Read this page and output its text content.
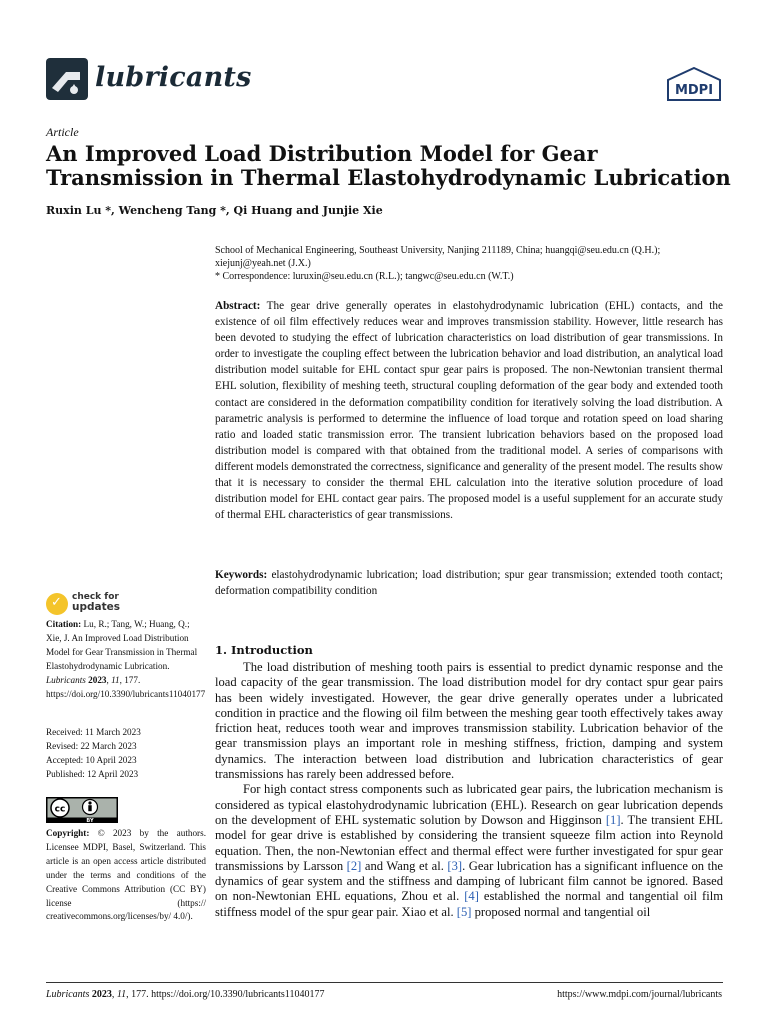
lubricants	MDPI
Article
An Improved Load Distribution Model for Gear Transmission in Thermal Elastohydrodynamic Lubrication
Ruxin Lu *, Wencheng Tang *, Qi Huang and Junjie Xie

School of Mechanical Engineering, Southeast University, Nanjing 211189, China; huangqi@seu.edu.cn (Q.H.); xiejunj@yeah.net (J.X.)

* Correspondence: luruxin@seu.edu.cn (R.L.); tangwc@seu.edu.cn (W.T.)

Abstract: The gear drive generally operates in elastohydrodynamic lubrication (EHL) contacts, and the existence of oil film effectively reduces wear and improves transmission stability. However, little research has been devoted to studying the effect of lubrication characteristics on load distribution of gear transmissions. In order to investigate the coupling effect between the lubrication behavior and load distribution, an analytical load distribution model suitable for EHL contact spur gear pairs is proposed. The non-Newtonian transient thermal EHL solution, flexibility of meshing teeth, structural coupling deformation of the gear body and extended tooth contact are considered in the deformation compatibility condition for iteratively solving the load distribution. A parametric analysis is performed to determine the influence of load torque and rotation speed on load sharing ratio and loaded static transmission error. The transient lubrication behaviors based on the proposed load distribution model is compared with that obtained from the traditional model. A series of comparisons with different models demonstrated the correctness, significance and generality of the present model. The results show that it is necessary to consider the thermal EHL calculation into the iterative solution procedure of load distribution model for EHL contact gear pairs. The proposed model is a useful supplement for an accurate study of thermal EHL characteristics of gear transmissions.
Keywords: elastohydrodynamic lubrication; load distribution; spur gear transmission; extended tooth contact; deformation compatibility condition
✓ check for
updates
Citation: Lu, R.; Tang, W.; Huang, Q.; Xie, J. An Improved Load Distribution Model for Gear Transmission in Thermal Elastohydrodynamic Lubrication. Lubricants 2023, 11, 177. https://doi.org/10.3390/lubricants11040177

Received: 11 March 2023

Revised: 22 March 2023

Accepted: 10 April 2023

Published: 12 April 2023

cc
BY
Copyright: © 2023 by the authors. Licensee MDPI, Basel, Switzerland. This article is an open access article distributed under the terms and conditions of the Creative Commons Attribution (CC BY) license (https:// creativecommons.org/licenses/by/ 4.0/).
1. Introduction

The load distribution of meshing tooth pairs is essential to predict dynamic response and the load capacity of the gear transmission. The load distribution model for dry contact spur gear pairs has been widely investigated. However, the gear drive generally operates under a lubricated condition in practice and the flowing oil film between the meshing gear tooth effectively takes away friction heat, reduces tooth wear and improves transmission stability. Lubrication behavior of the gear transmission plays an important role in meshing stiffness, friction, damping and system dynamics. The interaction between load distribution and lubrication characteristics of gear transmissions has rarely been addressed before.

For high contact stress components such as lubricated gear pairs, the lubrication mechanism is considered as typical elastohydrodynamic lubrication (EHL). Research on gear lubrication depends on the development of EHL systematic solution by Dowson and Higginson [1]. The transient EHL model for gear drive is established by considering the transient squeeze film action into Reynold equation. Then, the non-Newtonian effect and thermal effect were further investigated for spur gear transmissions by Larsson [2] and Wang et al. [3]. Gear lubrication has a significant influence on the dynamics of gear system and the stiffness and damping of lubricant film cannot be ignored. Based on non-Newtonian EHL equations, Zhou et al. [4] established the normal and tangential oil film stiffness model of the spur gear pair. Xiao et al. [5] proposed normal and tangential oil

Lubricants 2023, 11, 177. https://doi.org/10.3390/lubricants11040177	https://www.mdpi.com/journal/lubricants
